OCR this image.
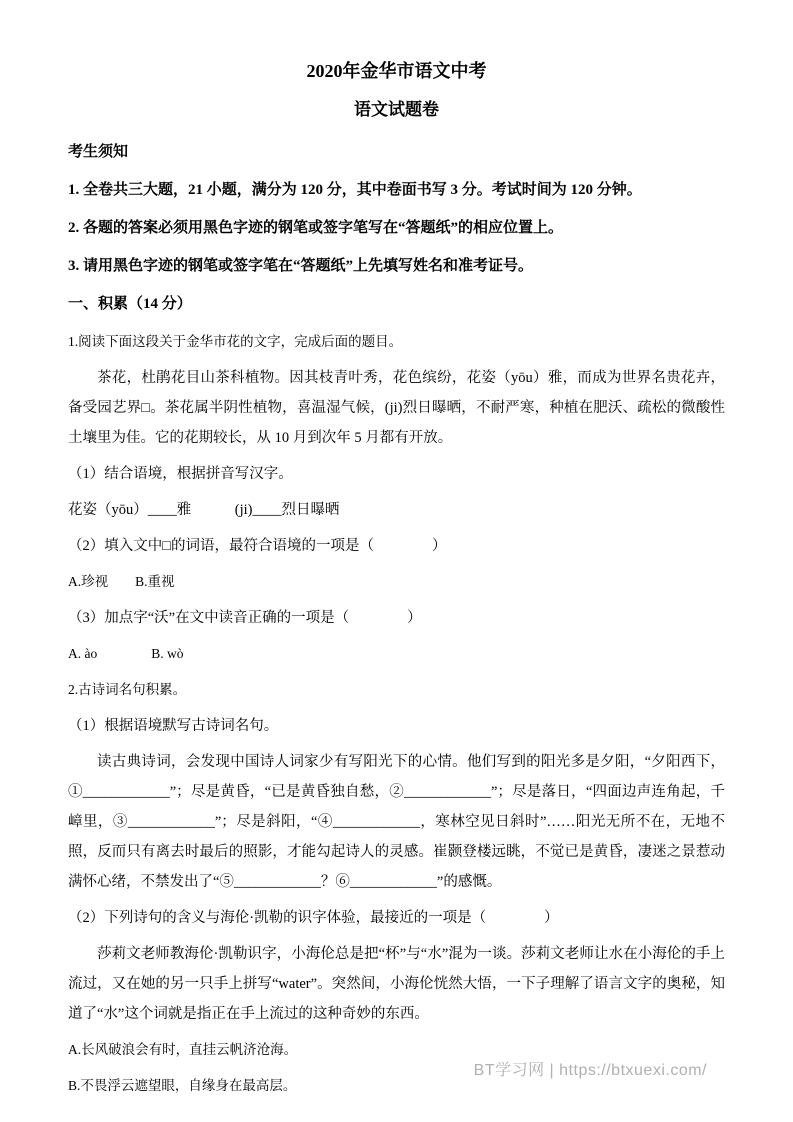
2020年金华市语文中考
语文试题卷

考生须知

1. 全卷共三大题，21 小题，满分为 120 分，其中卷面书写 3 分。考试时间为 120 分钟。

2. 各题的答案必须用黑色字迹的钢笔或签字笔写在“答题纸”的相应位置上。

3. 请用黑色字迹的钢笔或签字笔在“答题纸”上先填写姓名和准考证号。

一、积累（14 分）

1.阅读下面这段关于金华市花的文字，完成后面的题目。

茶花，杜鹃花目山茶科植物。因其枝青叶秀，花色缤纷，花姿（yōu）雅，而成为世界名贵花卉，备受园艺界□。茶花属半阴性植物，喜温湿气候，(ji)烈日曝晒，不耐严寒，种植在肥沃、疏松的微酸性土壤里为佳。它的花期较长，从 10 月到次年 5 月都有开放。

（1）结合语境，根据拼音写汉字。

花姿（yōu）____雅　　　(ji)____烈日曝晒

（2）填入文中□的词语，最符合语境的一项是（　　　　）

A.珍视　　B.重视

（3）加点字“沃”在文中读音正确的一项是（　　　　）

A. ào　　　　B. wò

2.古诗词名句积累。

（1）根据语境默写古诗词名句。

读古典诗词，会发现中国诗人词家少有写阳光下的心情。他们写到的阳光多是夕阳，“夕阳西下，①____________”；尽是黄昏，“已是黄昏独自愁，②____________”；尽是落日，“四面边声连角起，千嶂里，③____________”；尽是斜阳，“④____________，寒林空见日斜时”……阳光无所不在，无地不照，反而只有离去时最后的照影，才能勾起诗人的灵感。崔颢登楼远眺，不觉已是黄昏，凄迷之景惹动满怀心绪，不禁发出了“⑤____________？⑥____________”的感慨。

（2）下列诗句的含义与海伦·凯勒的识字体验，最接近的一项是（　　　　）

莎莉文老师教海伦·凯勒识字，小海伦总是把“杯”与“水”混为一谈。莎莉文老师让水在小海伦的手上流过，又在她的另一只手上拼写“water”。突然间，小海伦恍然大悟，一下子理解了语言文字的奥秘，知道了“水”这个词就是指正在手上流过的这种奇妙的东西。

A.长风破浪会有时，直挂云帆济沧海。

B.不畏浮云遮望眼，自缘身在最高层。

BT学习网 | https://btxuexi.com/
